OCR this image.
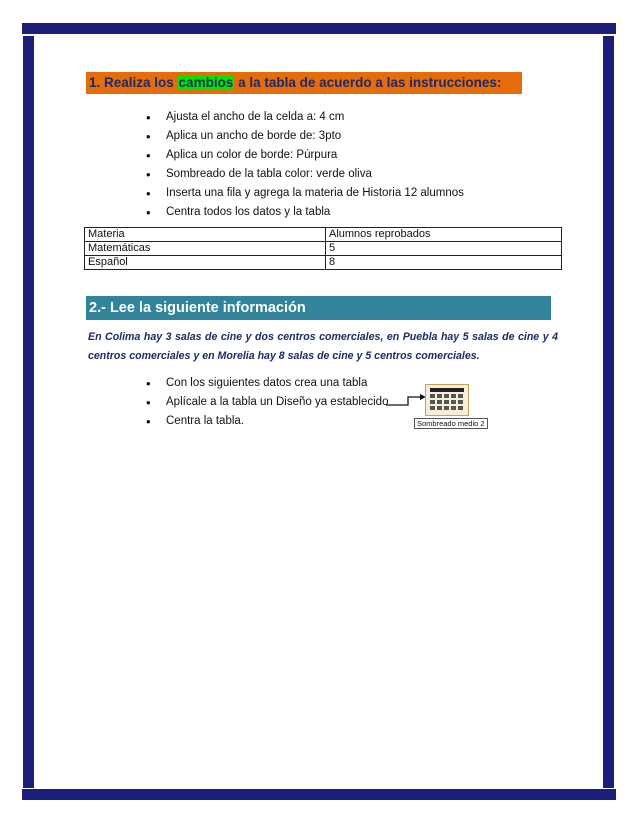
1. Realiza los cambios a la tabla de acuerdo a las instrucciones:
• Ajusta el ancho de la celda a: 4 cm
• Aplica un ancho de borde de: 3pto
• Aplica un color de borde: Púrpura
• Sombreado de la tabla color: verde oliva
• Inserta una fila y agrega la materia de Historia 12 alumnos
• Centra todos los datos y la tabla
Materia	Alumnos reprobados
Matemáticas	5
Español	8
2.- Lee la siguiente información

En Colima hay 3 salas de cine y dos centros comerciales, en Puebla hay 5 salas de cine y 4 centros comerciales y en Morelia hay 8 salas de cine y 5 centros comerciales.

• Con los siguientes datos crea una tabla
• Aplícale a la tabla un Diseño ya establecido
• Centra la tabla.	Sombreado medio 2
